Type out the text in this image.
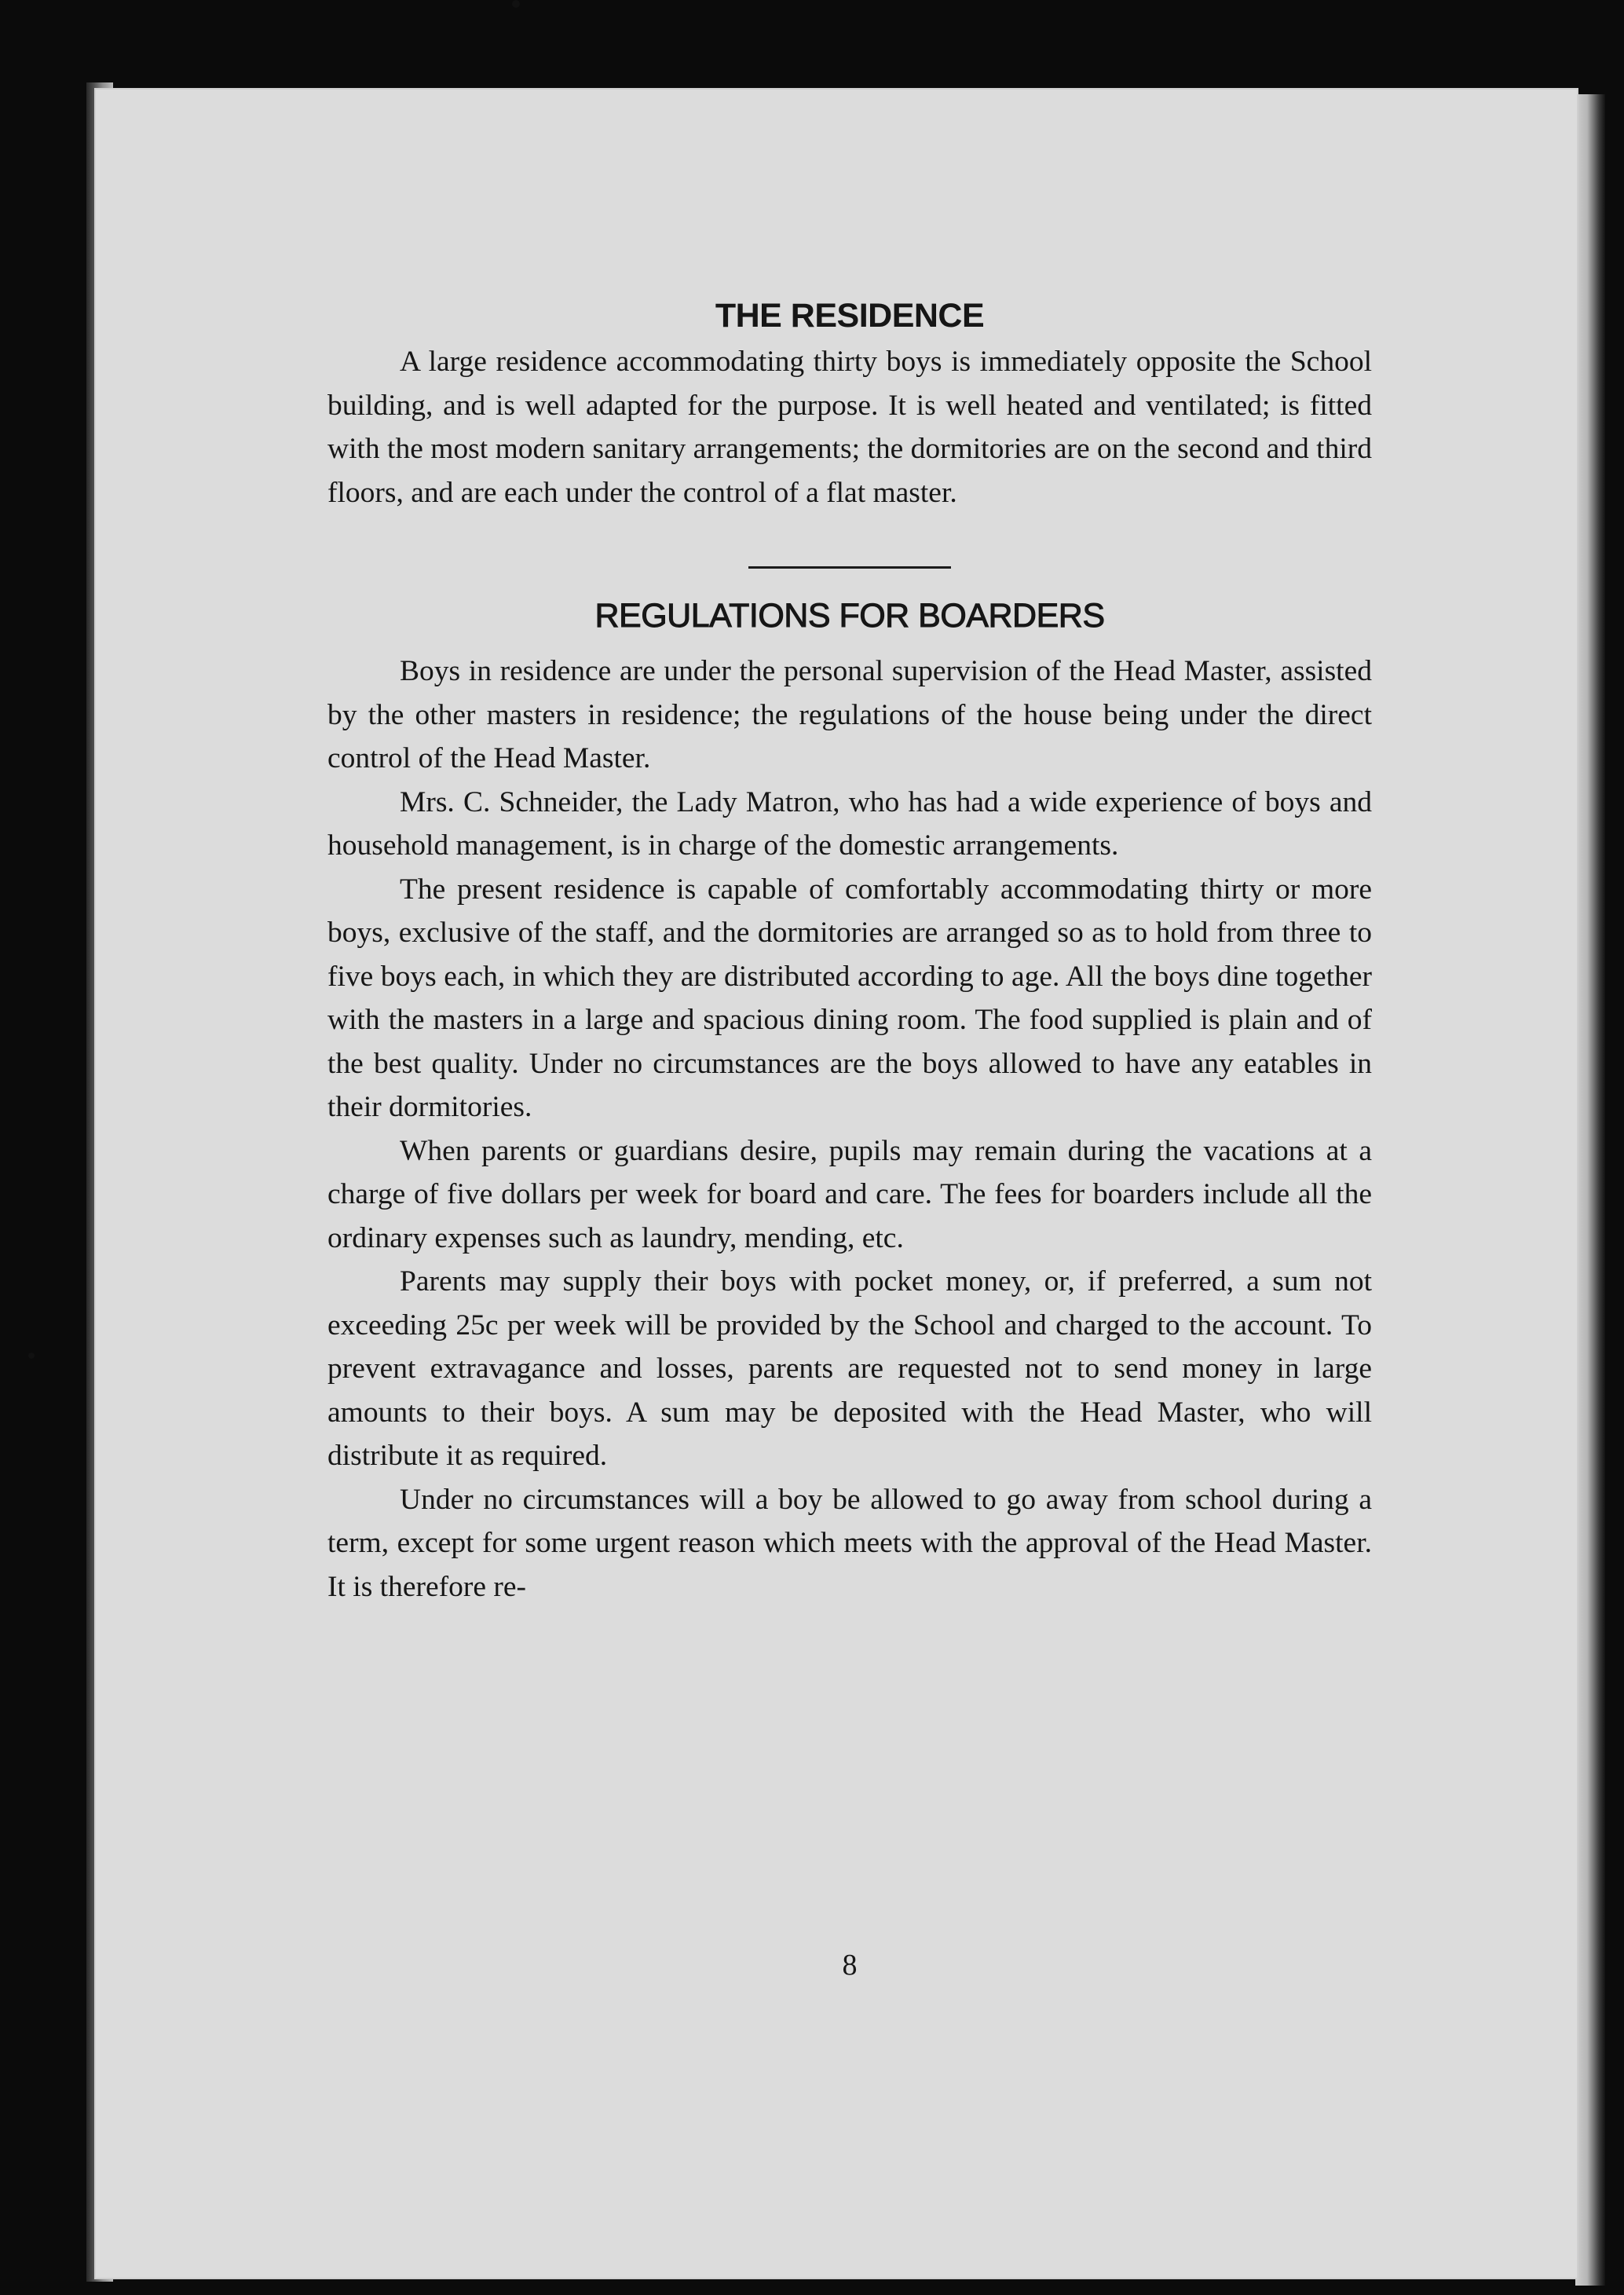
THE RESIDENCE

A large residence accommodating thirty boys is immediately opposite the School building, and is well adapted for the purpose. It is well heated and ventilated; is fitted with the most modern sanitary arrangements; the dormitories are on the second and third floors, and are each under the control of a flat master.

REGULATIONS FOR BOARDERS

Boys in residence are under the personal supervision of the Head Master, assisted by the other masters in residence; the regulations of the house being under the direct control of the Head Master.

Mrs. C. Schneider, the Lady Matron, who has had a wide experience of boys and household management, is in charge of the domestic arrangements.

The present residence is capable of comfortably accommodating thirty or more boys, exclusive of the staff, and the dormitories are arranged so as to hold from three to five boys each, in which they are distributed according to age. All the boys dine together with the masters in a large and spacious dining room. The food supplied is plain and of the best quality. Under no circumstances are the boys allowed to have any eatables in their dormitories.

When parents or guardians desire, pupils may remain during the vacations at a charge of five dollars per week for board and care. The fees for boarders include all the ordinary expenses such as laundry, mending, etc.

Parents may supply their boys with pocket money, or, if preferred, a sum not exceeding 25c per week will be provided by the School and charged to the account. To prevent extravagance and losses, parents are requested not to send money in large amounts to their boys. A sum may be deposited with the Head Master, who will distribute it as required.

Under no circumstances will a boy be allowed to go away from school during a term, except for some urgent reason which meets with the approval of the Head Master. It is therefore re-

8
